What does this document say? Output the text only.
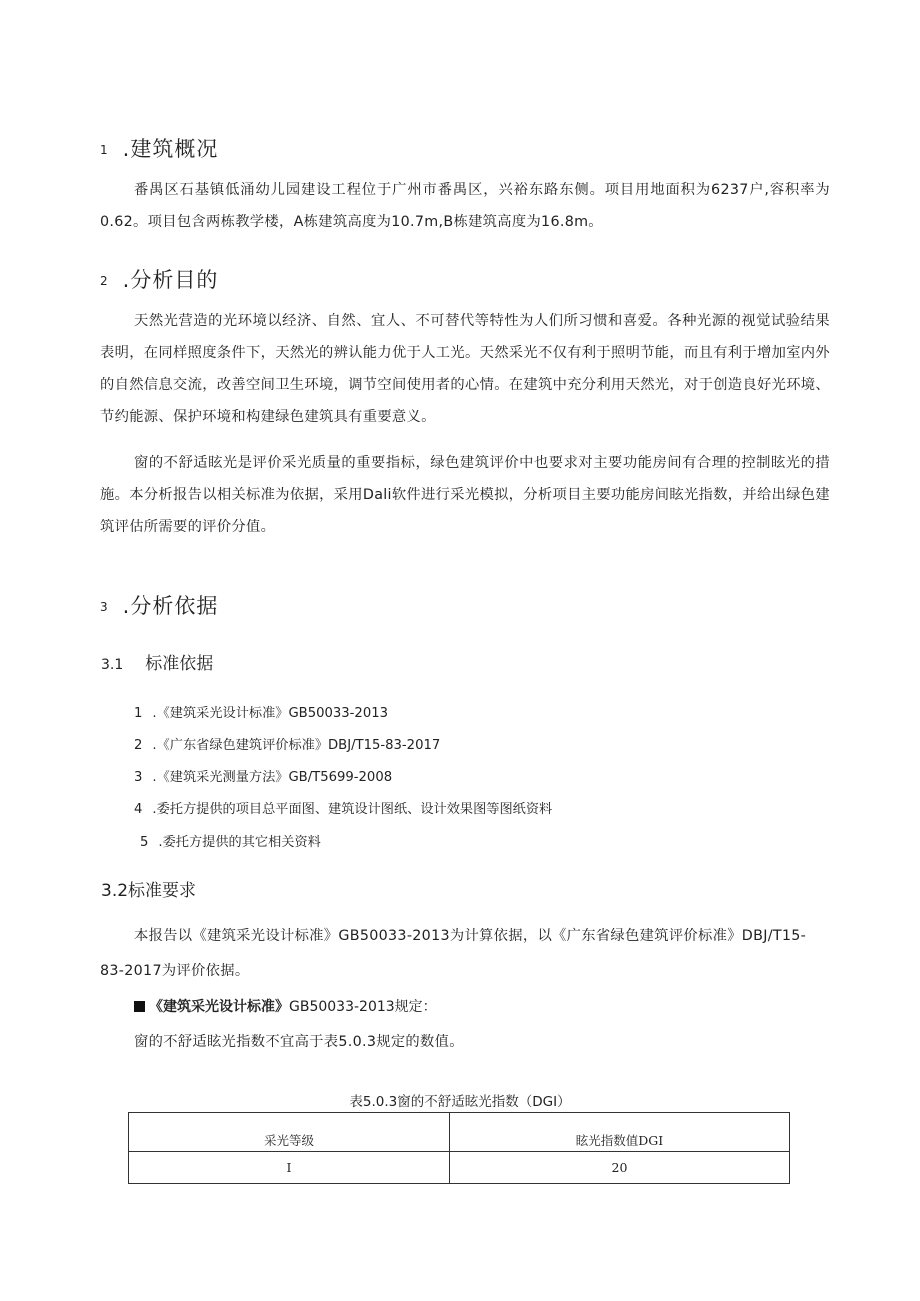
1 .建筑概况
番禺区石基镇低涌幼儿园建设工程位于广州市番禺区，兴裕东路东侧。项目用地面积为6237户,容积率为0.62。项目包含两栋教学楼，A栋建筑高度为10.7m,B栋建筑高度为16.8m。
2 .分析目的
天然光营造的光环境以经济、自然、宜人、不可替代等特性为人们所习惯和喜爱。各种光源的视觉试验结果表明，在同样照度条件下，天然光的辨认能力优于人工光。天然采光不仅有利于照明节能，而且有利于增加室内外的自然信息交流，改善空间卫生环境，调节空间使用者的心情。在建筑中充分利用天然光，对于创造良好光环境、节约能源、保护环境和构建绿色建筑具有重要意义。
窗的不舒适眩光是评价采光质量的重要指标，绿色建筑评价中也要求对主要功能房间有合理的控制眩光的措施。本分析报告以相关标准为依据，采用Dali软件进行采光模拟，分析项目主要功能房间眩光指数，并给出绿色建筑评估所需要的评价分值。
3 .分析依据
3.1 标准依据
1 .《建筑采光设计标准》GB50033-2013
2 .《广东省绿色建筑评价标准》DBJ/T15-83-2017
3 .《建筑采光测量方法》GB/T5699-2008
4 .委托方提供的项目总平面图、建筑设计图纸、设计效果图等图纸资料
5 .委托方提供的其它相关资料
3.2标准要求
本报告以《建筑采光设计标准》GB50033-2013为计算依据，以《广东省绿色建筑评价标准》DBJ/T15-
83-2017为评价依据。
《建筑采光设计标准》GB50033-2013规定：
窗的不舒适眩光指数不宜高于表5.0.3规定的数值。
表5.0.3窗的不舒适眩光指数（DGI）
采光等级	眩光指数值DGI
I	20
